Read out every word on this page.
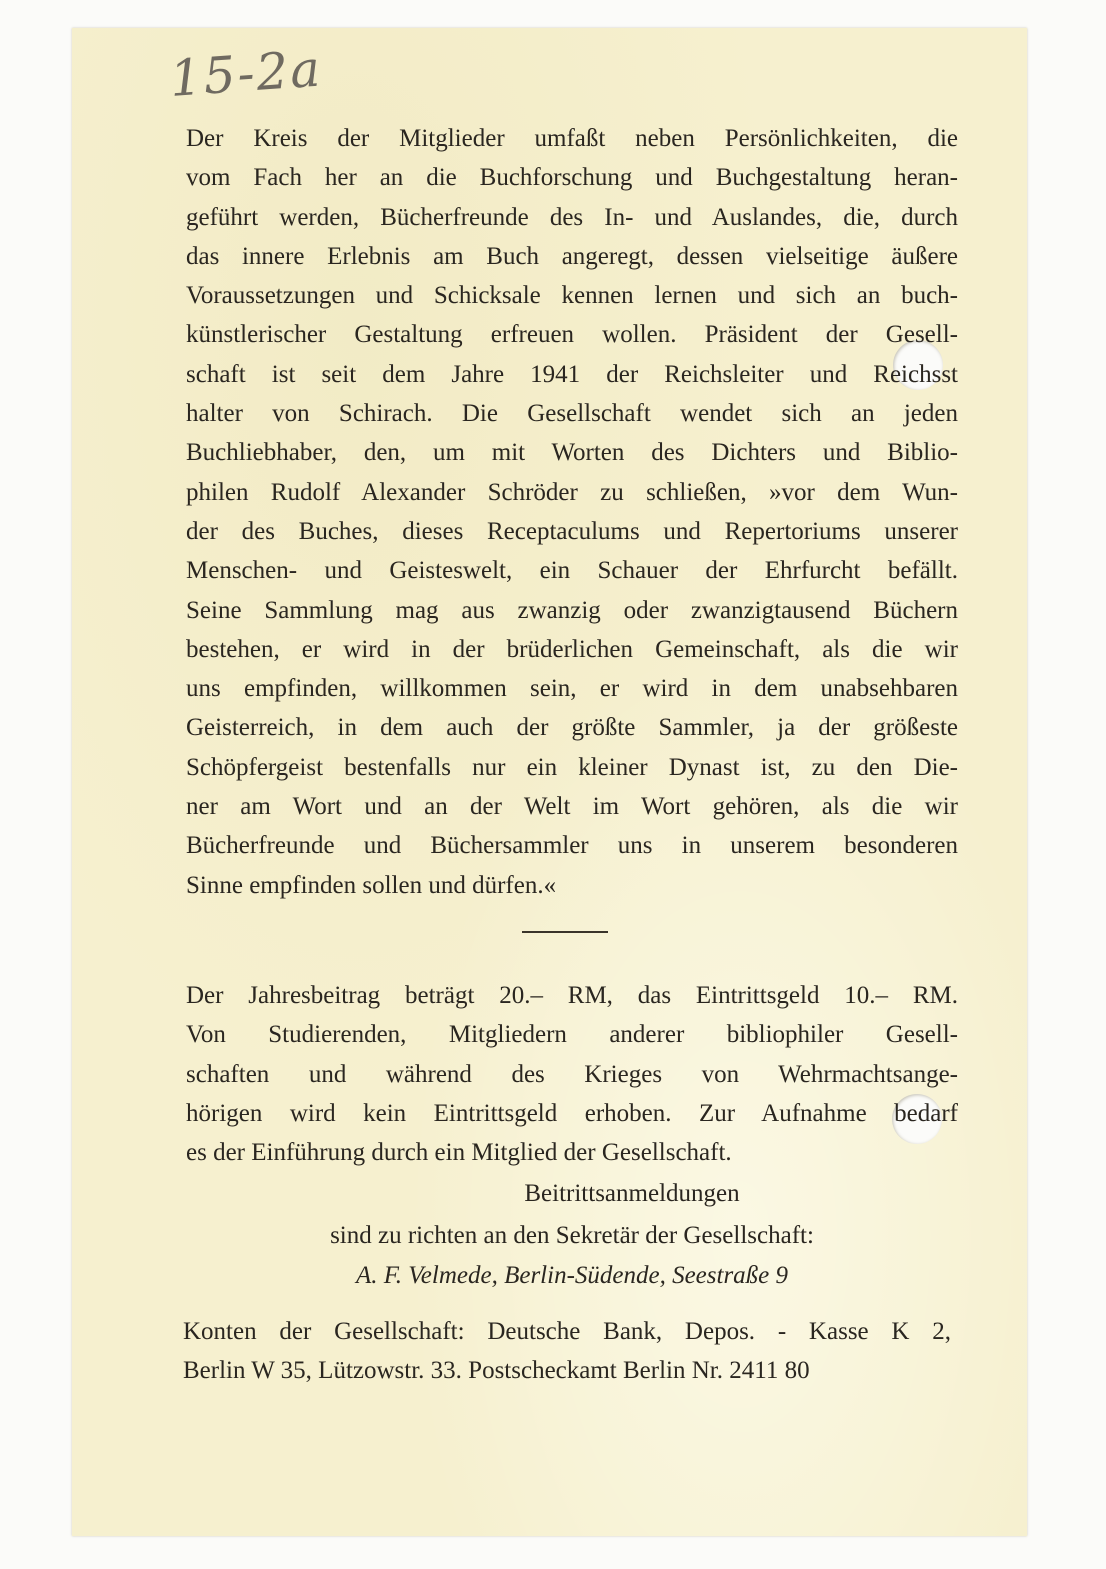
15-2a
Der Kreis der Mitglieder umfaßt neben Persönlichkeiten, die
vom Fach her an die Buchforschung und Buchgestaltung heran-
geführt werden, Bücherfreunde des In- und Auslandes, die, durch
das innere Erlebnis am Buch angeregt, dessen vielseitige äußere
Voraussetzungen und Schicksale kennen lernen und sich an buch-
künstlerischer Gestaltung erfreuen wollen. Präsident der Gesell-
schaft ist seit dem Jahre 1941 der Reichsleiter und Reichsst
halter von Schirach. Die Gesellschaft wendet sich an jeden
Buchliebhaber, den, um mit Worten des Dichters und Biblio-
philen Rudolf Alexander Schröder zu schließen, »vor dem Wun-
der des Buches, dieses Receptaculums und Repertoriums unserer
Menschen- und Geisteswelt, ein Schauer der Ehrfurcht befällt.
Seine Sammlung mag aus zwanzig oder zwanzigtausend Büchern
bestehen, er wird in der brüderlichen Gemeinschaft, als die wir
uns empfinden, willkommen sein, er wird in dem unabsehbaren
Geisterreich, in dem auch der größte Sammler, ja der größeste
Schöpfergeist bestenfalls nur ein kleiner Dynast ist, zu den Die-
ner am Wort und an der Welt im Wort gehören, als die wir
Bücherfreunde und Büchersammler uns in unserem besonderen
Sinne empfinden sollen und dürfen.«
Der Jahresbeitrag beträgt 20.– RM, das Eintrittsgeld 10.– RM.
Von Studierenden, Mitgliedern anderer bibliophiler Gesell-
schaften und während des Krieges von Wehrmachtsange-
hörigen wird kein Eintrittsgeld erhoben. Zur Aufnahme bedarf
es der Einführung durch ein Mitglied der Gesellschaft.
Beitrittsanmeldungen
sind zu richten an den Sekretär der Gesellschaft:
A. F. Velmede, Berlin-Südende, Seestraße 9
Konten der Gesellschaft: Deutsche Bank, Depos. - Kasse K 2,
Berlin W 35, Lützowstr. 33. Postscheckamt Berlin Nr. 2411 80
